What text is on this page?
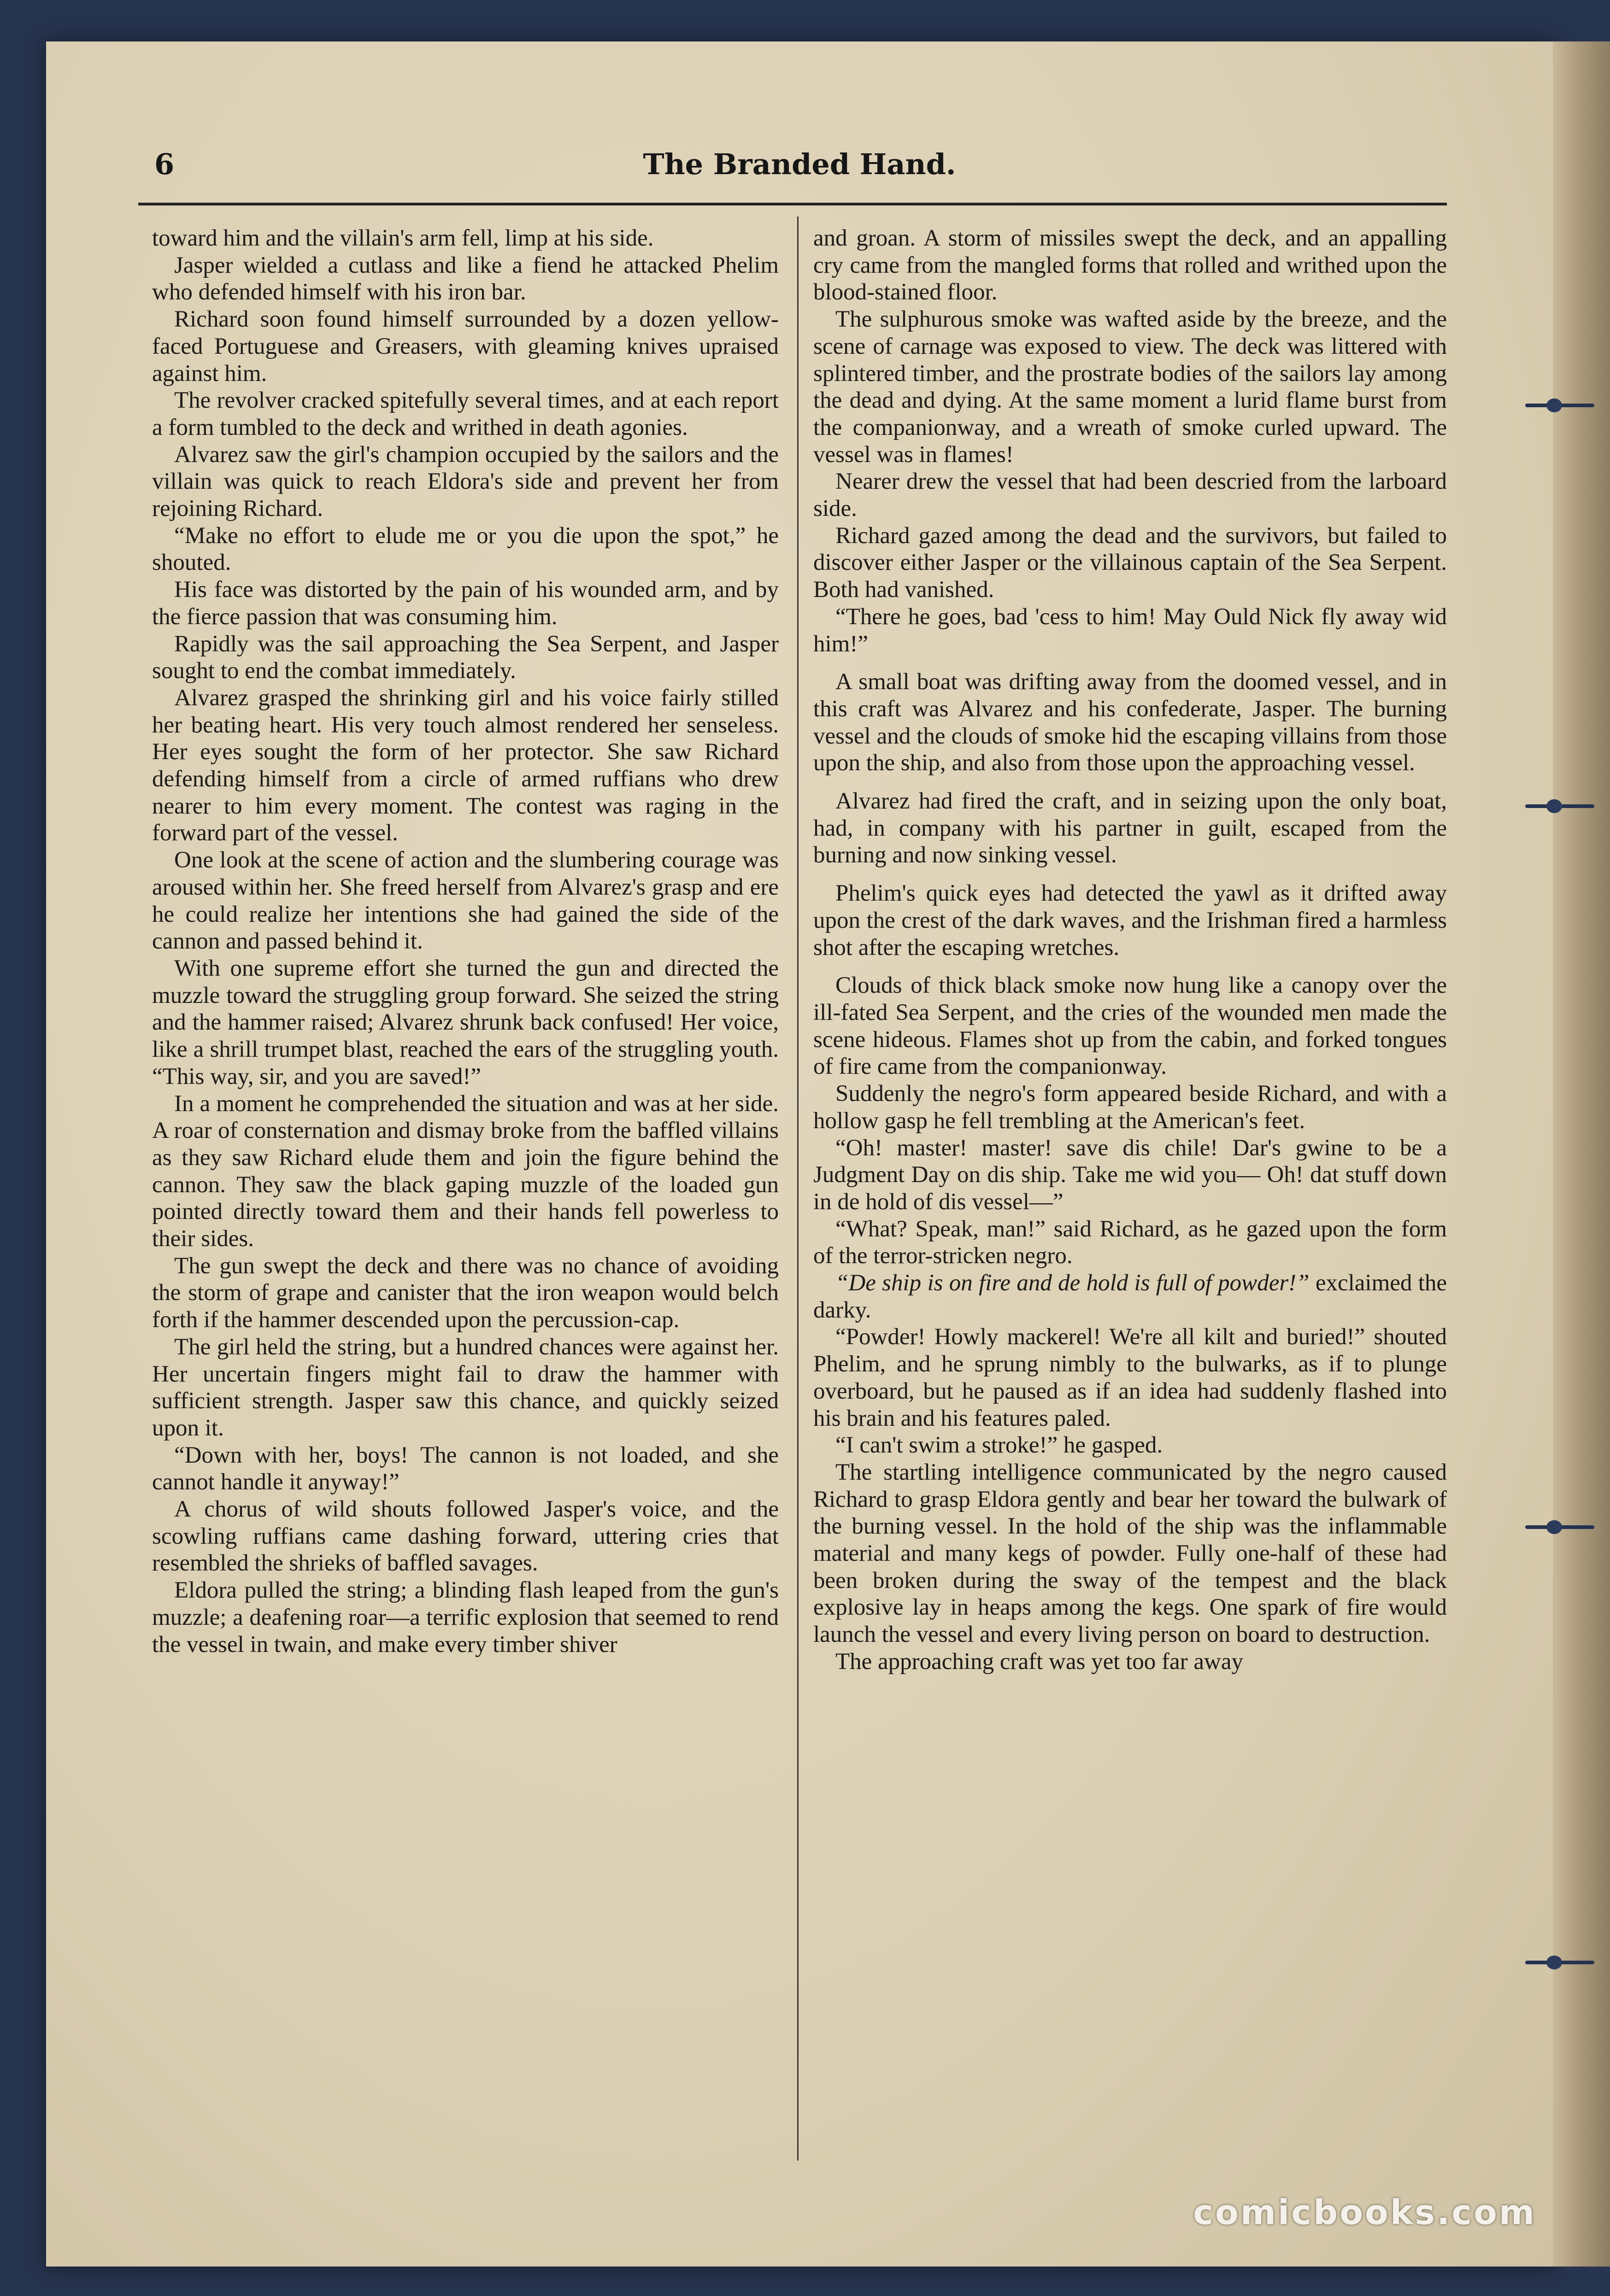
6	The Branded Hand.

toward him and the villain's arm fell, limp at his side.

Jasper wielded a cutlass and like a fiend he attacked Phelim who defended himself with his iron bar.

Richard soon found himself surrounded by a dozen yellow-faced Portuguese and Greasers, with gleaming knives upraised against him.

The revolver cracked spitefully several times, and at each report a form tumbled to the deck and writhed in death agonies.

Alvarez saw the girl's champion occupied by the sailors and the villain was quick to reach Eldora's side and prevent her from rejoining Richard.

“Make no effort to elude me or you die upon the spot,” he shouted.

His face was distorted by the pain of his wounded arm, and by the fierce passion that was consuming him.

Rapidly was the sail approaching the Sea Serpent, and Jasper sought to end the combat immediately.

Alvarez grasped the shrinking girl and his voice fairly stilled her beating heart. His very touch almost rendered her senseless. Her eyes sought the form of her protector. She saw Richard defending himself from a circle of armed ruffians who drew nearer to him every moment. The contest was raging in the forward part of the vessel.

One look at the scene of action and the slumbering courage was aroused within her. She freed herself from Alvarez's grasp and ere he could realize her intentions she had gained the side of the cannon and passed behind it.

With one supreme effort she turned the gun and directed the muzzle toward the struggling group forward. She seized the string and the hammer raised; Alvarez shrunk back confused! Her voice, like a shrill trumpet blast, reached the ears of the struggling youth. “This way, sir, and you are saved!”

In a moment he comprehended the situation and was at her side. A roar of consternation and dismay broke from the baffled villains as they saw Richard elude them and join the figure behind the cannon. They saw the black gaping muzzle of the loaded gun pointed directly toward them and their hands fell powerless to their sides.

The gun swept the deck and there was no chance of avoiding the storm of grape and canister that the iron weapon would belch forth if the hammer descended upon the percussion-cap.

The girl held the string, but a hundred chances were against her. Her uncertain fingers might fail to draw the hammer with sufficient strength. Jasper saw this chance, and quickly seized upon it.

“Down with her, boys! The cannon is not loaded, and she cannot handle it anyway!”

A chorus of wild shouts followed Jasper's voice, and the scowling ruffians came dashing forward, uttering cries that resembled the shrieks of baffled savages.

Eldora pulled the string; a blinding flash leaped from the gun's muzzle; a deafening roar—a terrific explosion that seemed to rend the vessel in twain, and make every timber shiver

and groan. A storm of missiles swept the deck, and an appalling cry came from the mangled forms that rolled and writhed upon the blood-stained floor.

The sulphurous smoke was wafted aside by the breeze, and the scene of carnage was exposed to view. The deck was littered with splintered timber, and the prostrate bodies of the sailors lay among the dead and dying. At the same moment a lurid flame burst from the companionway, and a wreath of smoke curled upward. The vessel was in flames!

Nearer drew the vessel that had been descried from the larboard side.

Richard gazed among the dead and the survivors, but failed to discover either Jasper or the villainous captain of the Sea Serpent. Both had vanished.

“There he goes, bad 'cess to him! May Ould Nick fly away wid him!”

A small boat was drifting away from the doomed vessel, and in this craft was Alvarez and his confederate, Jasper. The burning vessel and the clouds of smoke hid the escaping villains from those upon the ship, and also from those upon the approaching vessel.

Alvarez had fired the craft, and in seizing upon the only boat, had, in company with his partner in guilt, escaped from the burning and now sinking vessel.

Phelim's quick eyes had detected the yawl as it drifted away upon the crest of the dark waves, and the Irishman fired a harmless shot after the escaping wretches.

Clouds of thick black smoke now hung like a canopy over the ill-fated Sea Serpent, and the cries of the wounded men made the scene hideous. Flames shot up from the cabin, and forked tongues of fire came from the companionway.

Suddenly the negro's form appeared beside Richard, and with a hollow gasp he fell trembling at the American's feet.

“Oh! master! master! save dis chile! Dar's gwine to be a Judgment Day on dis ship. Take me wid you— Oh! dat stuff down in de hold of dis vessel—”

“What? Speak, man!” said Richard, as he gazed upon the form of the terror-stricken negro.

“De ship is on fire and de hold is full of powder!” exclaimed the darky.

“Powder! Howly mackerel! We're all kilt and buried!” shouted Phelim, and he sprung nimbly to the bulwarks, as if to plunge overboard, but he paused as if an idea had suddenly flashed into his brain and his features paled.

“I can't swim a stroke!” he gasped.

The startling intelligence communicated by the negro caused Richard to grasp Eldora gently and bear her toward the bulwark of the burning vessel. In the hold of the ship was the inflammable material and many kegs of powder. Fully one-half of these had been broken during the sway of the tempest and the black explosive lay in heaps among the kegs. One spark of fire would launch the vessel and every living person on board to destruction.

The approaching craft was yet too far away

comicbooks.com
